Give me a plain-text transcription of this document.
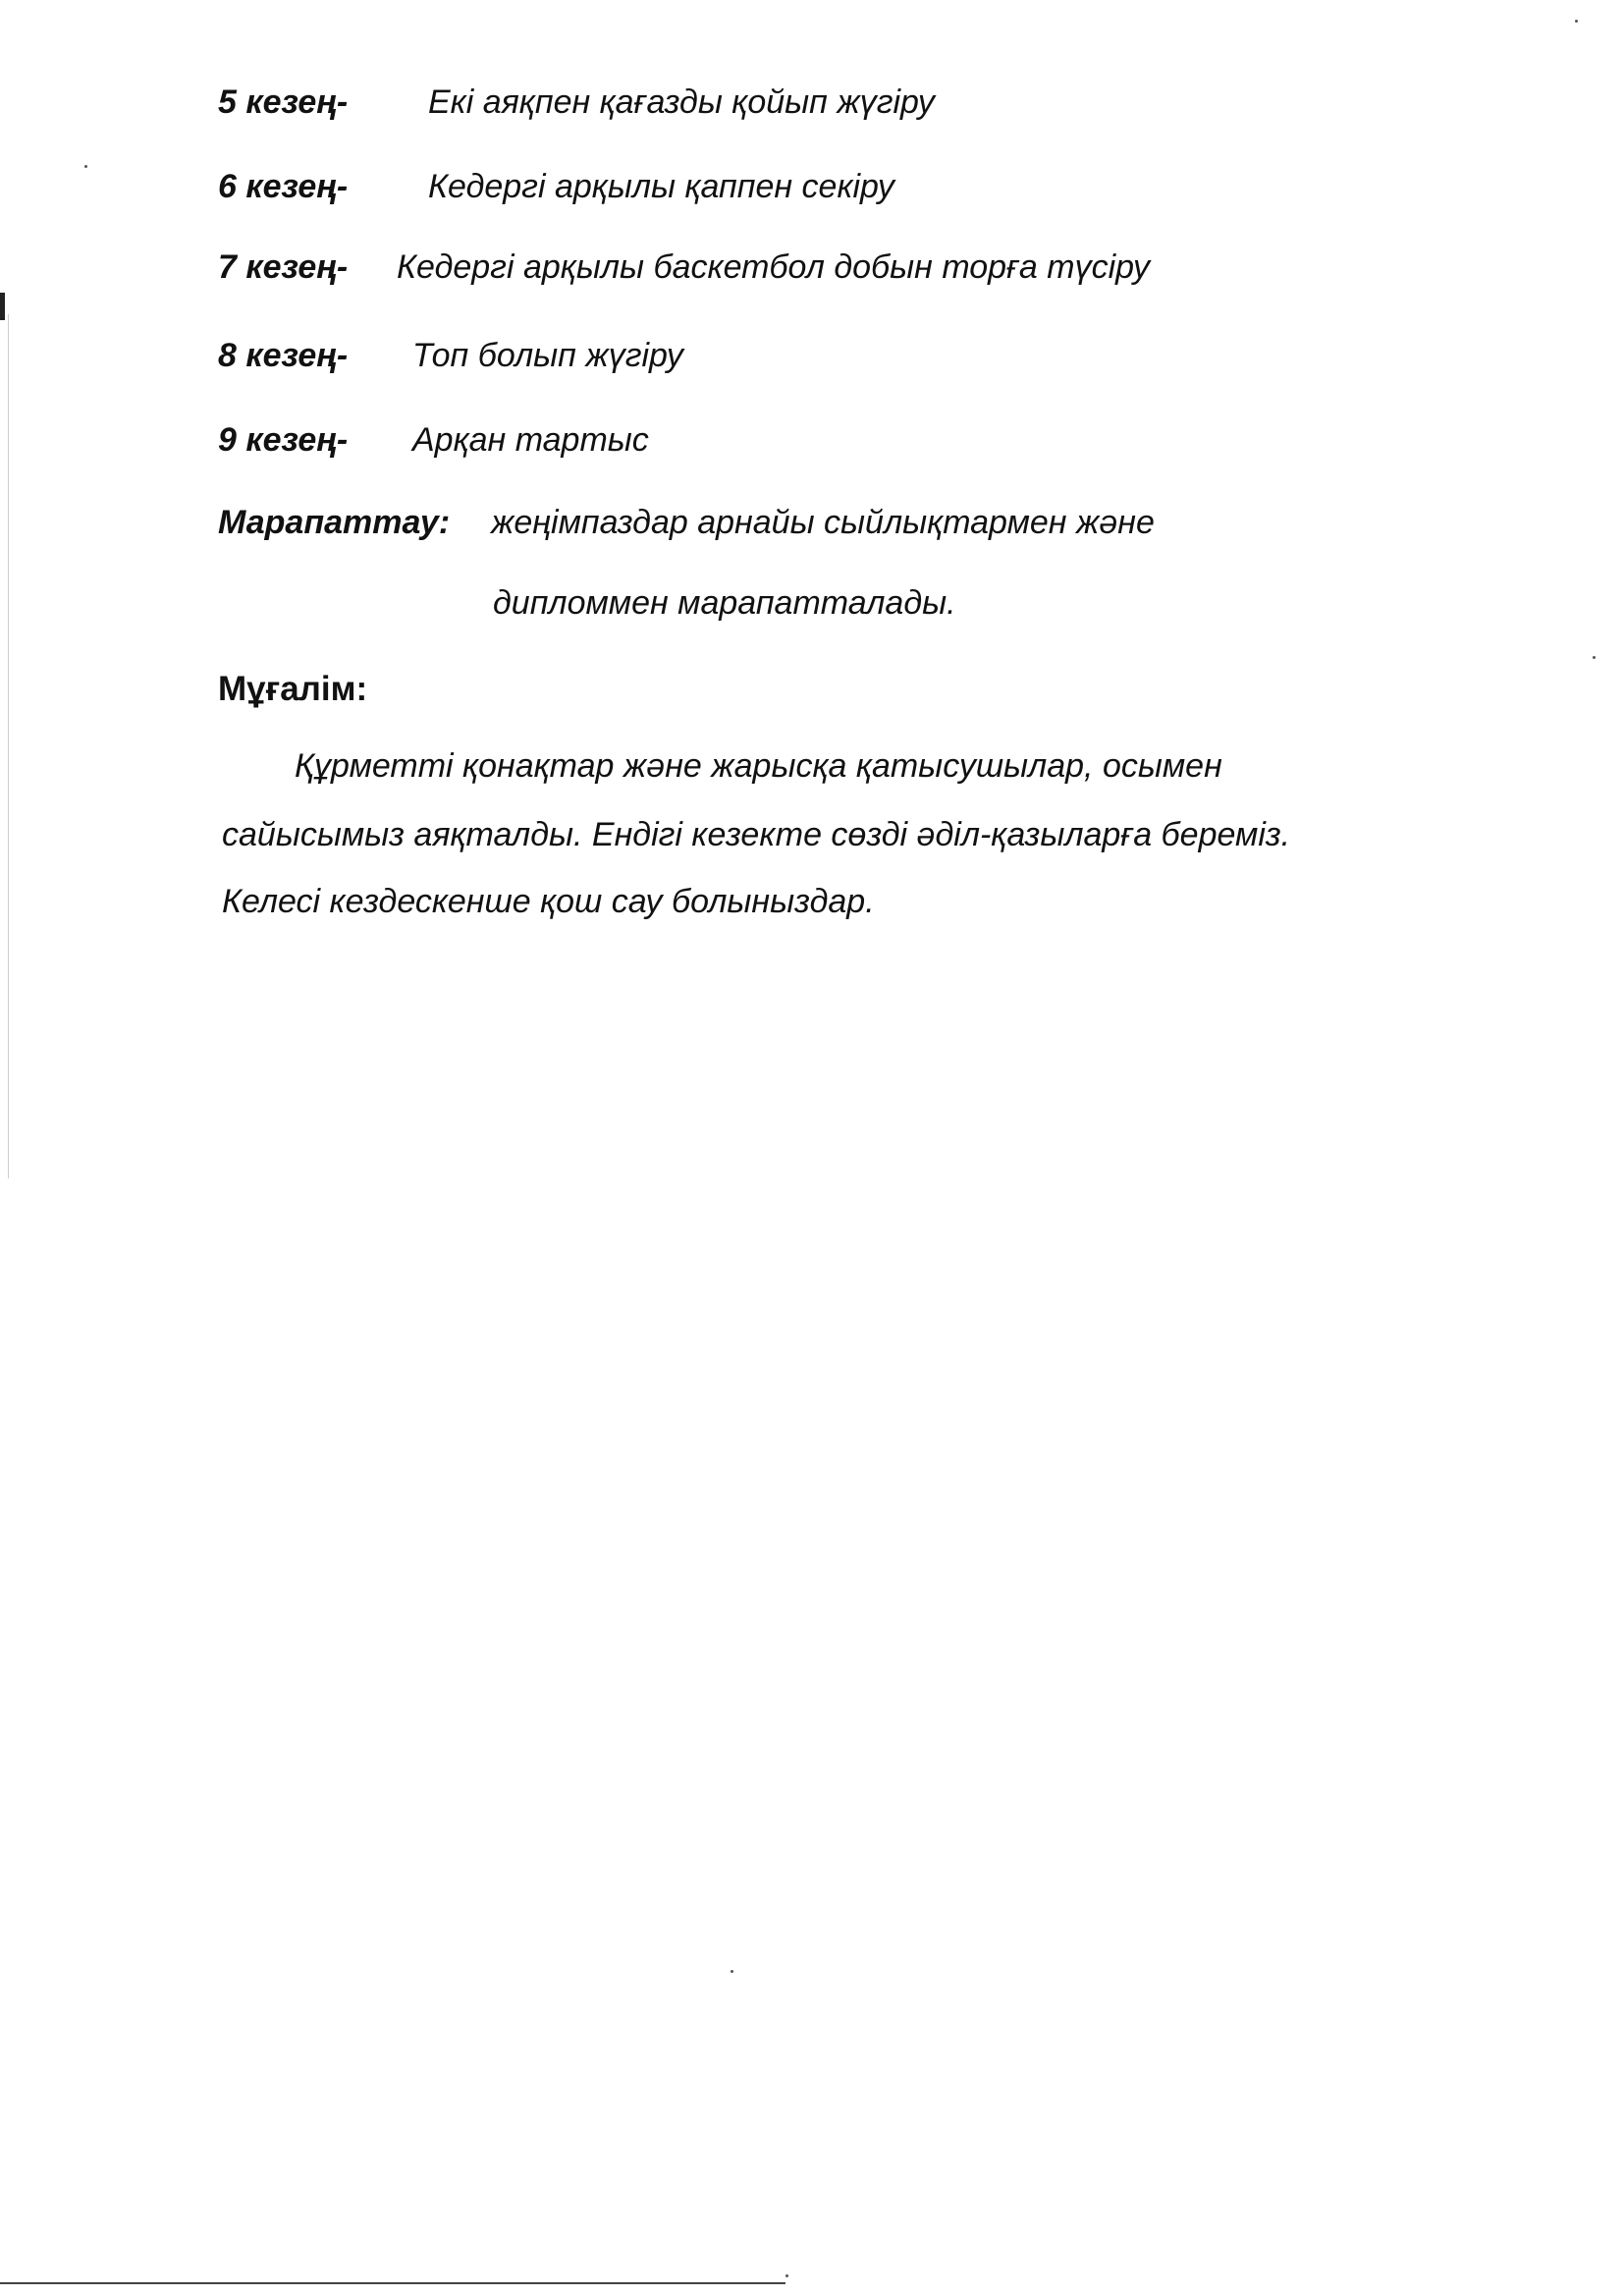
5 кезең- Екі аяқпен қағазды қойып жүгіру
6 кезең- Кедергі арқылы қаппен секіру
7 кезең- Кедергі арқылы баскетбол добын торға түсіру
8 кезең- Топ болып жүгіру
9 кезең- Арқан тартыс
Марапаттау: жеңімпаздар арнайы сыйлықтармен және
дипломмен марапатталады.
Мұғалім:
Құрметті қонақтар және жарысқа қатысушылар, осымен
сайысымыз аяқталды. Ендігі кезекте сөзді әділ-қазыларға береміз.
Келесі кездескенше қош сау болыныздар.
